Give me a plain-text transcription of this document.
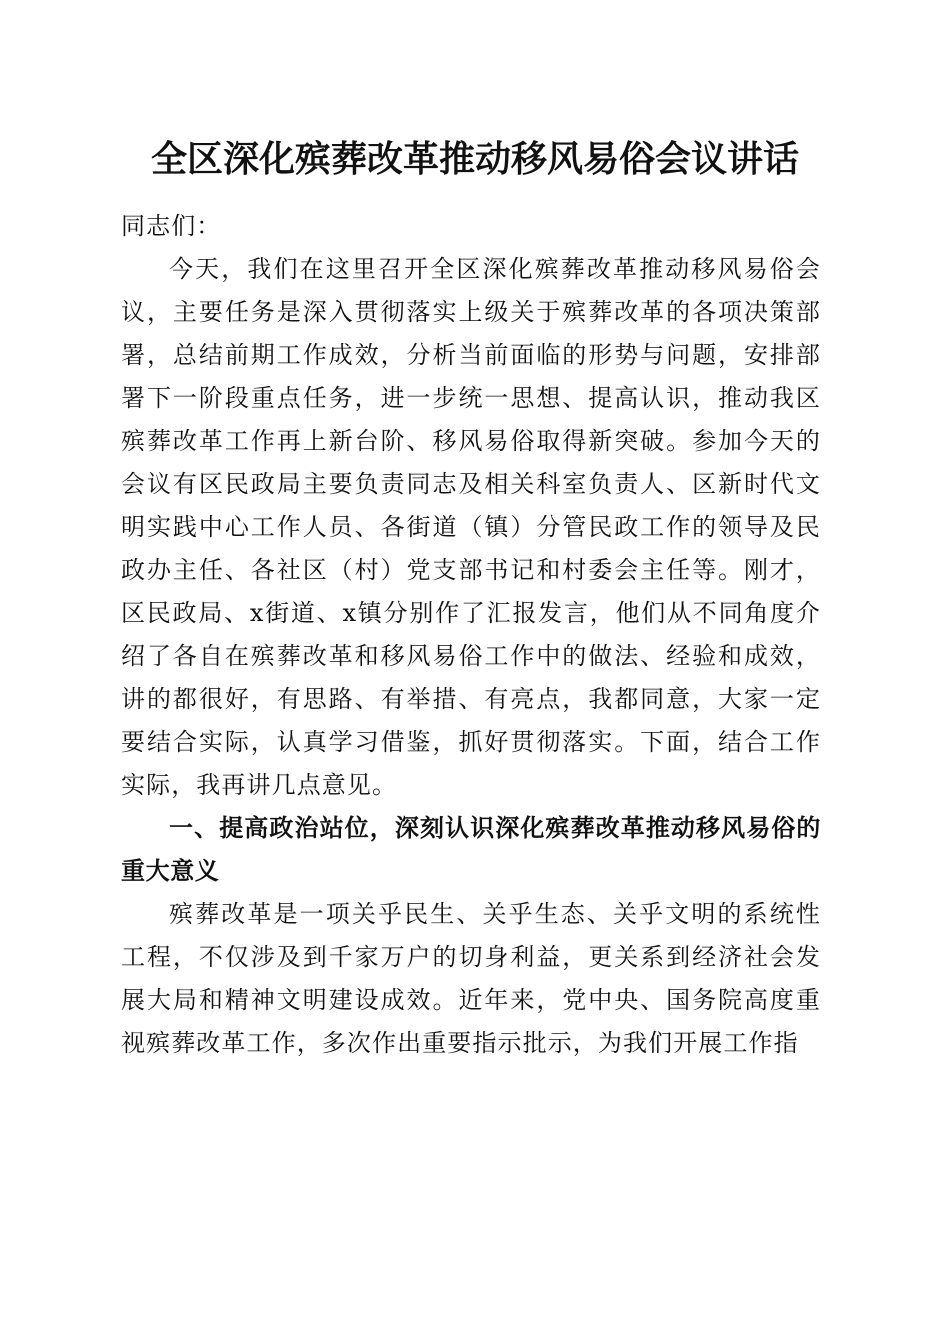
全区深化殡葬改革推动移风易俗会议讲话

同志们：

今天，我们在这里召开全区深化殡葬改革推动移风易俗会议，主要任务是深入贯彻落实上级关于殡葬改革的各项决策部署，总结前期工作成效，分析当前面临的形势与问题，安排部署下一阶段重点任务，进一步统一思想、提高认识，推动我区殡葬改革工作再上新台阶、移风易俗取得新突破。参加今天的会议有区民政局主要负责同志及相关科室负责人、区新时代文明实践中心工作人员、各街道（镇）分管民政工作的领导及民政办主任、各社区（村）党支部书记和村委会主任等。刚才，区民政局、x街道、x镇分别作了汇报发言，他们从不同角度介绍了各自在殡葬改革和移风易俗工作中的做法、经验和成效，讲的都很好，有思路、有举措、有亮点，我都同意，大家一定要结合实际，认真学习借鉴，抓好贯彻落实。下面，结合工作实际，我再讲几点意见。

一、提高政治站位，深刻认识深化殡葬改革推动移风易俗的重大意义

殡葬改革是一项关乎民生、关乎生态、关乎文明的系统性工程，不仅涉及到千家万户的切身利益，更关系到经济社会发展大局和精神文明建设成效。近年来，党中央、国务院高度重视殡葬改革工作，多次作出重要指示批示，为我们开展工作指
